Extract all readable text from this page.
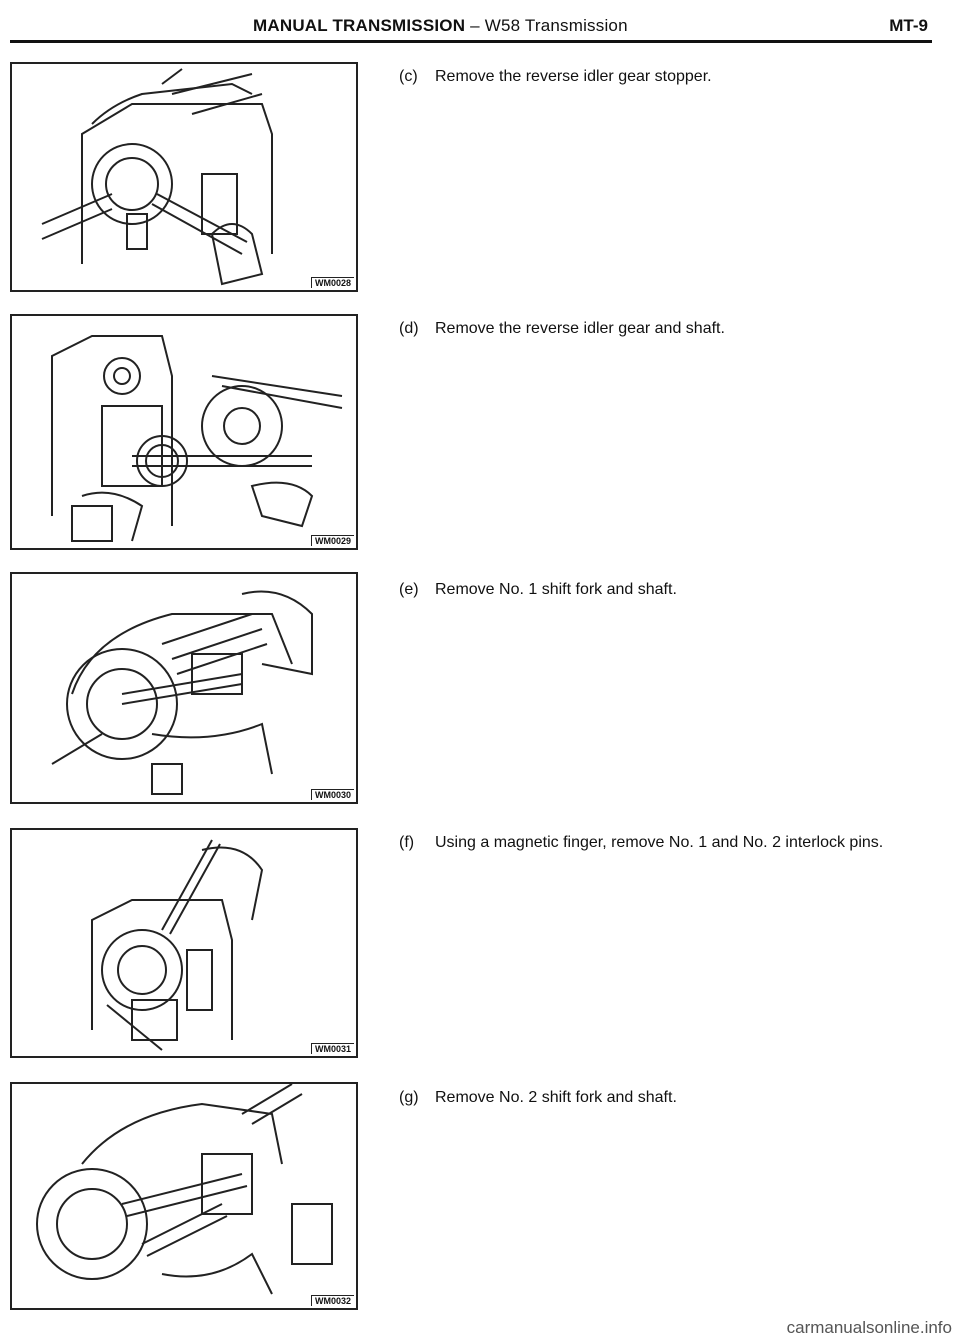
MANUAL TRANSMISSION – W58 Transmission	MT-9
WM0028
WM0029
WM0030
WM0031
WM0032
(c) Remove the reverse idler gear stopper.
(d) Remove the reverse idler gear and shaft.
(e) Remove No. 1 shift fork and shaft.
(f) Using a magnetic finger, remove No. 1 and No. 2 interlock pins.
(g) Remove No. 2 shift fork and shaft.
carmanualsonline.info
